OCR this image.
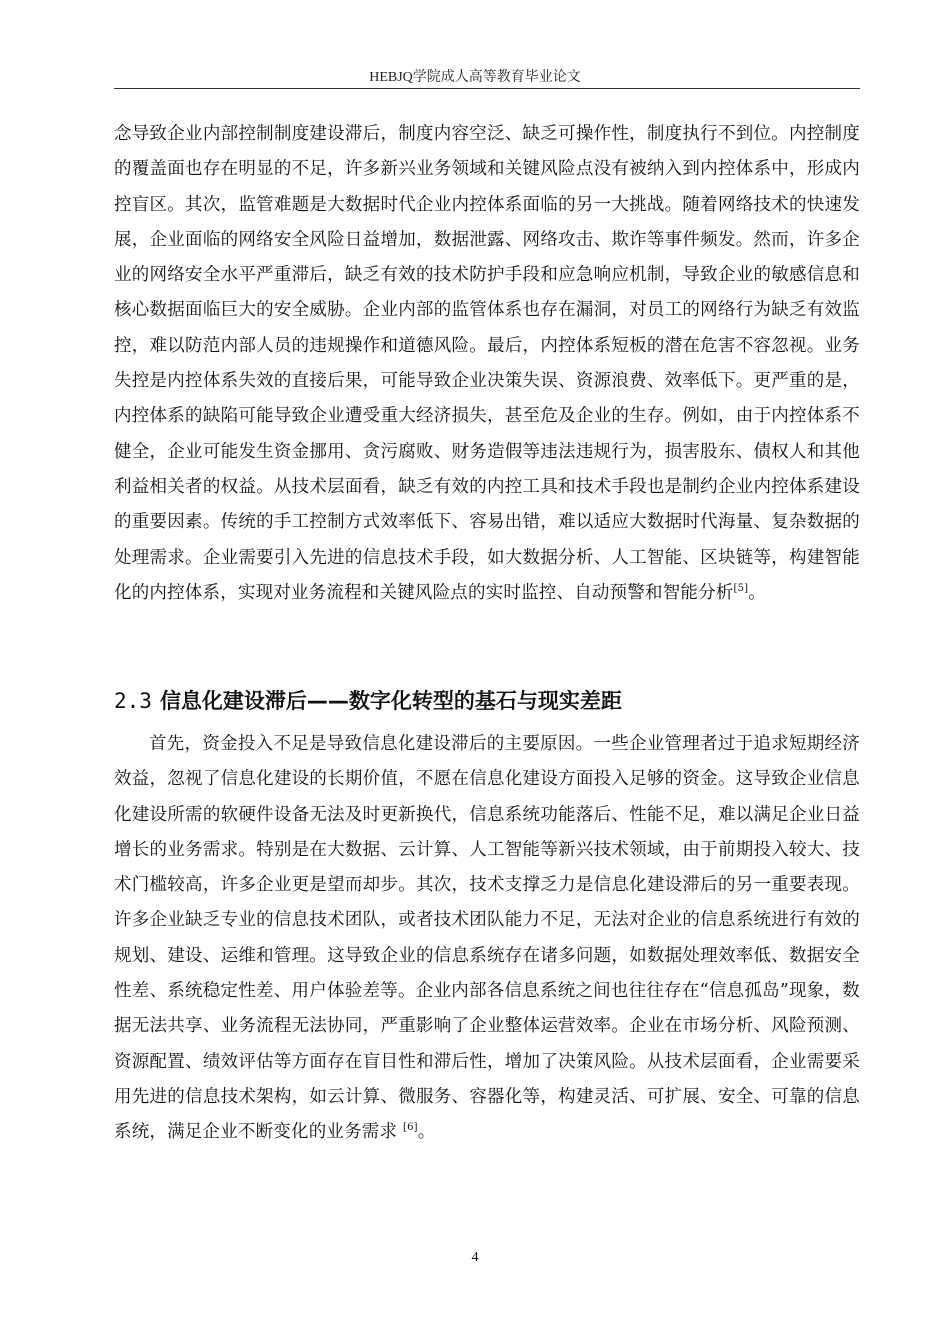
HEBJQ学院成人高等教育毕业论文

念导致企业内部控制制度建设滞后，制度内容空泛、缺乏可操作性，制度执行不到位。内控制度的覆盖面也存在明显的不足，许多新兴业务领域和关键风险点没有被纳入到内控体系中，形成内控盲区。其次，监管难题是大数据时代企业内控体系面临的另一大挑战。随着网络技术的快速发展，企业面临的网络安全风险日益增加，数据泄露、网络攻击、欺诈等事件频发。然而，许多企业的网络安全水平严重滞后，缺乏有效的技术防护手段和应急响应机制，导致企业的敏感信息和核心数据面临巨大的安全威胁。企业内部的监管体系也存在漏洞，对员工的网络行为缺乏有效监控，难以防范内部人员的违规操作和道德风险。最后，内控体系短板的潜在危害不容忽视。业务失控是内控体系失效的直接后果，可能导致企业决策失误、资源浪费、效率低下。更严重的是，内控体系的缺陷可能导致企业遭受重大经济损失，甚至危及企业的生存。例如，由于内控体系不健全，企业可能发生资金挪用、贪污腐败、财务造假等违法违规行为，损害股东、债权人和其他利益相关者的权益。从技术层面看，缺乏有效的内控工具和技术手段也是制约企业内控体系建设的重要因素。传统的手工控制方式效率低下、容易出错，难以适应大数据时代海量、复杂数据的处理需求。企业需要引入先进的信息技术手段，如大数据分析、人工智能、区块链等，构建智能化的内控体系，实现对业务流程和关键风险点的实时监控、自动预警和智能分析[5]。

2.3 信息化建设滞后——数字化转型的基石与现实差距

首先，资金投入不足是导致信息化建设滞后的主要原因。一些企业管理者过于追求短期经济效益，忽视了信息化建设的长期价值，不愿在信息化建设方面投入足够的资金。这导致企业信息化建设所需的软硬件设备无法及时更新换代，信息系统功能落后、性能不足，难以满足企业日益增长的业务需求。特别是在大数据、云计算、人工智能等新兴技术领域，由于前期投入较大、技术门槛较高，许多企业更是望而却步。其次，技术支撑乏力是信息化建设滞后的另一重要表现。许多企业缺乏专业的信息技术团队，或者技术团队能力不足，无法对企业的信息系统进行有效的规划、建设、运维和管理。这导致企业的信息系统存在诸多问题，如数据处理效率低、数据安全性差、系统稳定性差、用户体验差等。企业内部各信息系统之间也往往存在“信息孤岛”现象，数据无法共享、业务流程无法协同，严重影响了企业整体运营效率。企业在市场分析、风险预测、资源配置、绩效评估等方面存在盲目性和滞后性，增加了决策风险。从技术层面看，企业需要采用先进的信息技术架构，如云计算、微服务、容器化等，构建灵活、可扩展、安全、可靠的信息系统，满足企业不断变化的业务需求 [6]。

4
